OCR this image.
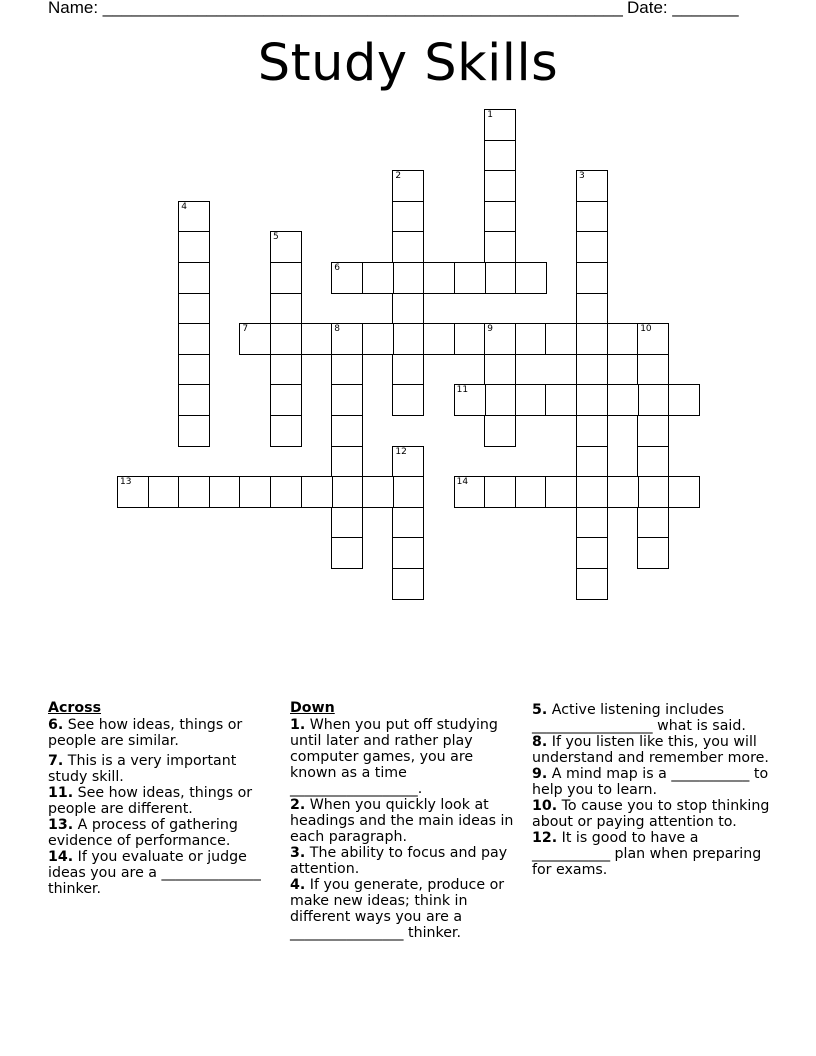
Name: _______________________________________________________ Date: _______
Study Skills
1
2	3
4
5
6
7	8	9	10
11
12
13	14
Across
6. See how ideas, things or people are similar.
7. This is a very important study skill.
11. See how ideas, things or people are different.
13. A process of gathering evidence of performance.
14. If you evaluate or judge ideas you are a ______________ thinker.
Down
1. When you put off studying until later and rather play computer games, you are known as a time __________________.
2. When you quickly look at headings and the main ideas in each paragraph.
3. The ability to focus and pay attention.
4. If you generate, produce or make new ideas; think in different ways you are a ________________ thinker.
5. Active listening includes _________________ what is said.
8. If you listen like this, you will understand and remember more.
9. A mind map is a ___________ to help you to learn.
10. To cause you to stop thinking about or paying attention to.
12. It is good to have a ___________ plan when preparing for exams.
